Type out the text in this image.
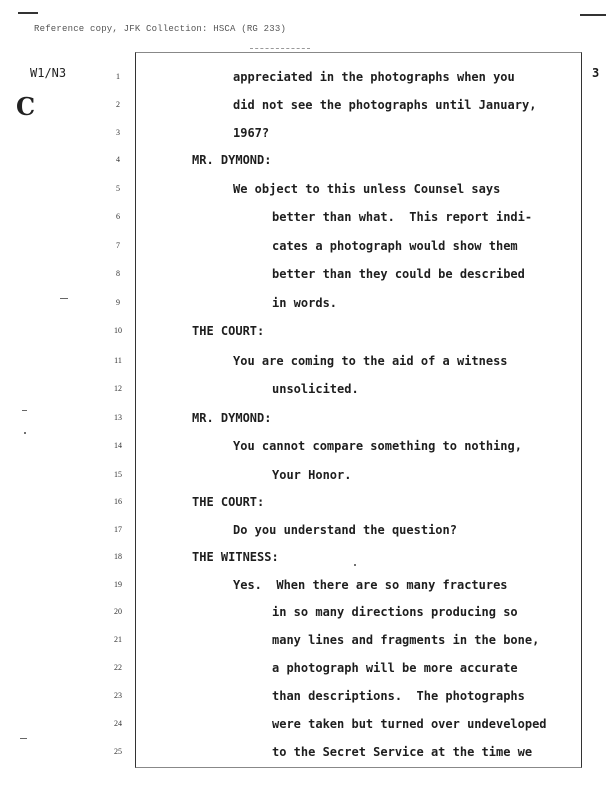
Reference copy, JFK Collection: HSCA (RG 233)
W1/N3
C
3
1	appreciated in the photographs when you
2	did not see the photographs until January,
3	1967?
4	MR. DYMOND:
5	We object to this unless Counsel says
6	better than what.  This report indi-
7	cates a photograph would show them
8	better than they could be described
9	in words.
10	THE COURT:
11	You are coming to the aid of a witness
12	unsolicited.
13	MR. DYMOND:
14	You cannot compare something to nothing,
15	Your Honor.
16	THE COURT:
17	Do you understand the question?
18	THE WITNESS:
19	Yes.  When there are so many fractures
20	in so many directions producing so
21	many lines and fragments in the bone,
22	a photograph will be more accurate
23	than descriptions.  The photographs
24	were taken but turned over undeveloped
25	to the Secret Service at the time we
